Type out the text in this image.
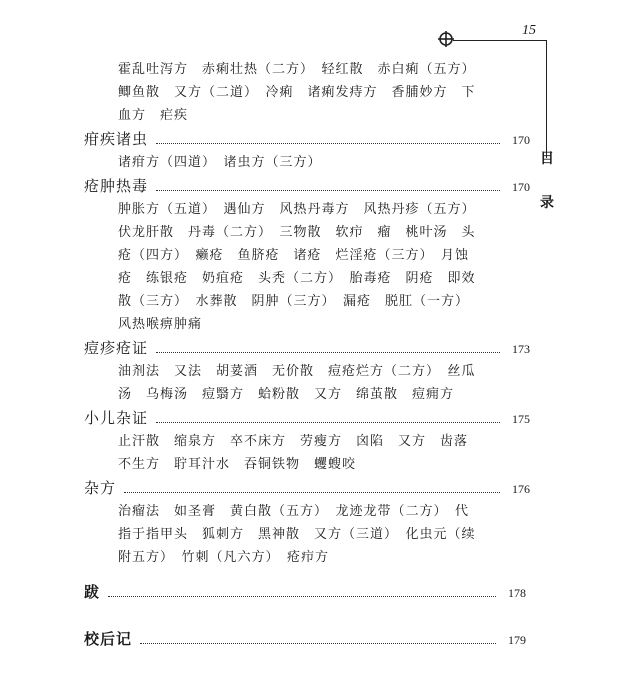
15
目
录
霍乱吐泻方　赤痢壮热（二方）　轻红散　赤白痢（五方）
鲫鱼散　又方（二道）　冷痢　诸痢发痔方　香脯妙方　下
血方　疟疾
疳疾诸虫	170
诸疳方（四道）　诸虫方（三方）
疮肿热毒	170
肿胀方（五道）　遇仙方　风热丹毒方　风热丹疹（五方）
伏龙肝散　丹毒（二方）　三物散　软疖　瘤　桃叶汤　头
疮（四方）　癞疮　鱼脐疮　诸疮　烂淫疮（三方）　月蚀
疮　练银疮　奶疽疮　头秃（二方）　胎毒疮　阴疮　即效
散（三方）　水葬散　阴肿（三方）　漏疮　脱肛（一方）
风热喉痹肿痛
痘疹疮证	173
油剂法　又法　胡荽酒　无价散　痘疮烂方（二方）　丝瓜
汤　乌梅汤　痘翳方　蛤粉散　又方　绵茧散　痘痈方
小儿杂证	175
止汗散　缩泉方　卒不床方　劳瘦方　囟陷　又方　齿落
不生方　聍耳汁水　吞铜铁物　蠼螋咬
杂方	176
治瘤法　如圣膏　黄白散（五方）　龙迹龙带（二方）　代
指于指甲头　狐刺方　黑神散　又方（三道）　化虫元（续
附五方）　竹刺（凡六方）　疮疖方
跋	178
校后记	179
